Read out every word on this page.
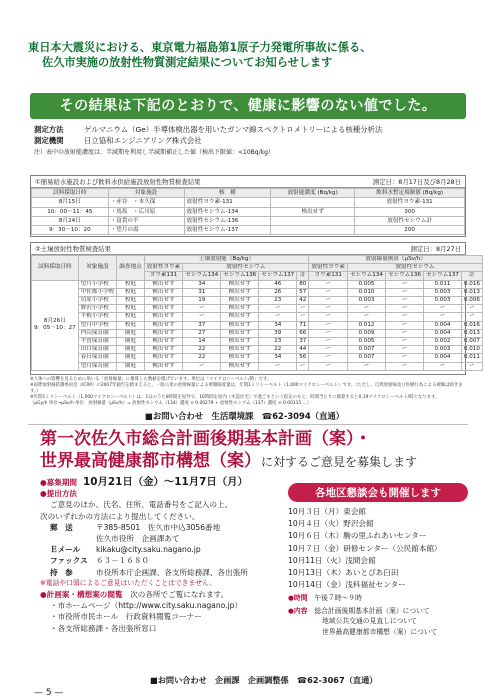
東日本大震災における、東京電力福島第1原子力発電所事故に係る、
佐久市実施の放射性物質測定結果についてお知らせします
その結果は下記のとおりで、健康に影響のない値でした。
測定方法	ゲルマニウム（Ge）半導体検出器を用いたガンマ線スペクトロメトリーによる核種分析法
測定機関	日立協和エンジニアリング株式会社
注）表中の放射能濃度は、半減期を利用し半減期補正した値（検出下限値：<10Bq/kg）
①簡易給水施設および飲料水供給施設放射性物質検査結果	測定日：8月17日及び8月28日
試料採取日時	対象施設	核　種	放射能濃度 (Bq/kg)	飲料水暫定規制値 (Bq/kg)
8月15日	・赤谷　・本久保	放射性ヨウ素-131		放射性ヨウ素-131
10：00～11：45	・馬坂　・広川原	放射性セシウム-134	検出せず	300
8月24日	・富貴の平	放射性セシウム-136		放射性セシウム計
9：30～10：20	・望月の湯	放射性セシウム-137		200
②土壌放射性物質検査結果	測定日：8月27日
試料採取日時	対象施設	調査地点	土壌放射能（Bq/kg）					放射線量換算（μSv/h）				
			放射性ヨウ素	放射性セシウム				放射性ヨウ素	放射性セシウム			
			ヨウ素131	セシウム134	セシウム136	セシウム137	計	ヨウ素131	セシウム134	セシウム136	セシウム137	計

8月26日
9：05～10：27	望月小学校	校庭	検出せず	34	検出せず	46	80	ー	0.005	ー	0.011	0.016
	中佐都小学校	校庭	検出せず	31	検出せず	26	57	ー	0.010	ー	0.003	0.013
	切原小学校	校庭	検出せず	19	検出せず	23	42	ー	0.003	ー	0.003	0.006
	野沢小学校	校庭	検出せず	ー	検出せず	ー	ー	ー	ー	ー	ー	ー
	平根小学校	校庭	検出せず	ー	検出せず	ー	ー	ー	ー	ー	ー	ー
	望月中学校	校庭	検出せず	37	検出せず	34	71	ー	0.012	ー	0.004	0.016
	内山保育園	園庭	検出せず	27	検出せず	39	66	ー	0.009	ー	0.004	0.013
	平賀保育園	園庭	検出せず	14	検出せず	23	37	ー	0.005	ー	0.002	0.007
	田口保育園	園庭	検出せず	22	検出せず	22	44	ー	0.007	ー	0.003	0.010
	春日保育園	園庭	検出せず	22	検出せず	34	56	ー	0.007	ー	0.004	0.011
	望月保育園	園庭	検出せず	ー	検出せず	ー	ー	ー	ー	ー	ー	ー
※人体への影響を見るために用いる「放射線量」に換算した数値を掲げています。単位は「マイクロシーベルト/時」です。
※国際放射線防護委員会（ICRP）の2007年勧告を踏まえると、一般公衆の放射線量による被曝限度量は、年間1ミリシーベルト（1,000マイクロシーベルト）です。（ただし、自然放射線及び医療行為による被曝は除きます。）
※年間1ミリシーベルト（1,000マイクロシーベルト）は、1日のうち8時間を屋外で、16時間を屋内（木造住宅）で過ごすという仮定のもと、時間当たりに換算すると0.19マイクロシーベルト/時となります。
（μGy/h 単位→μSv/h 単位：放射線量（μSv/h）= 放射性セシウム（134）濃度 × 0.00279 + 放射性セシウム（137）濃度 × 0.00115 …）
■お問い合わせ　生活環境課　☎62-3094（直通）
第一次佐久市総合計画後期基本計画（案）・
世界最高健康都市構想（案）に対するご意見を募集します
●募集期間 10月21日（金）～11月7日（月）
●提出方法
ご意見のほか、氏名、住所、電話番号をご記入の上、
次のいずれかの方法により提出してください。
郵　送	〒385-8501　佐久市中込3056番地
佐久市役所　企画課あて
Ｅメール	kikaku@city.saku.nagano.jp
ファックス	６３－１６８０
持　参	市役所本庁企画課、各支所総務課、各出張所
※電話や口頭によるご意見はいただくことはできません。
●計画案・構想案の閲覧　 次の各所でご覧になれます。
・市ホームページ（http://www.city.saku.nagano.jp）
・市役所市民ホール　行政資料閲覧コーナー
・各支所総務課・各出張所窓口
各地区懇談会も開催します
10月３日（月）東会館
10月４日（火）野沢会館
10月６日（木）駒の里ふれあいセンター
10月７日（金）研修センター（公民館本館）
10月11日（火）浅間会館
10月13日（木）あいとぴあ臼田
10月14日（金）浅科福祉センター
●時間　 午後７時～９時
●内容　 総合計画後期基本計画（案）について
地域公共交通の見直しについて
世界最高健康都市構想（案）について
■お問い合わせ　企画課　企画調整係　☎62-3067（直通）
— 5 —
